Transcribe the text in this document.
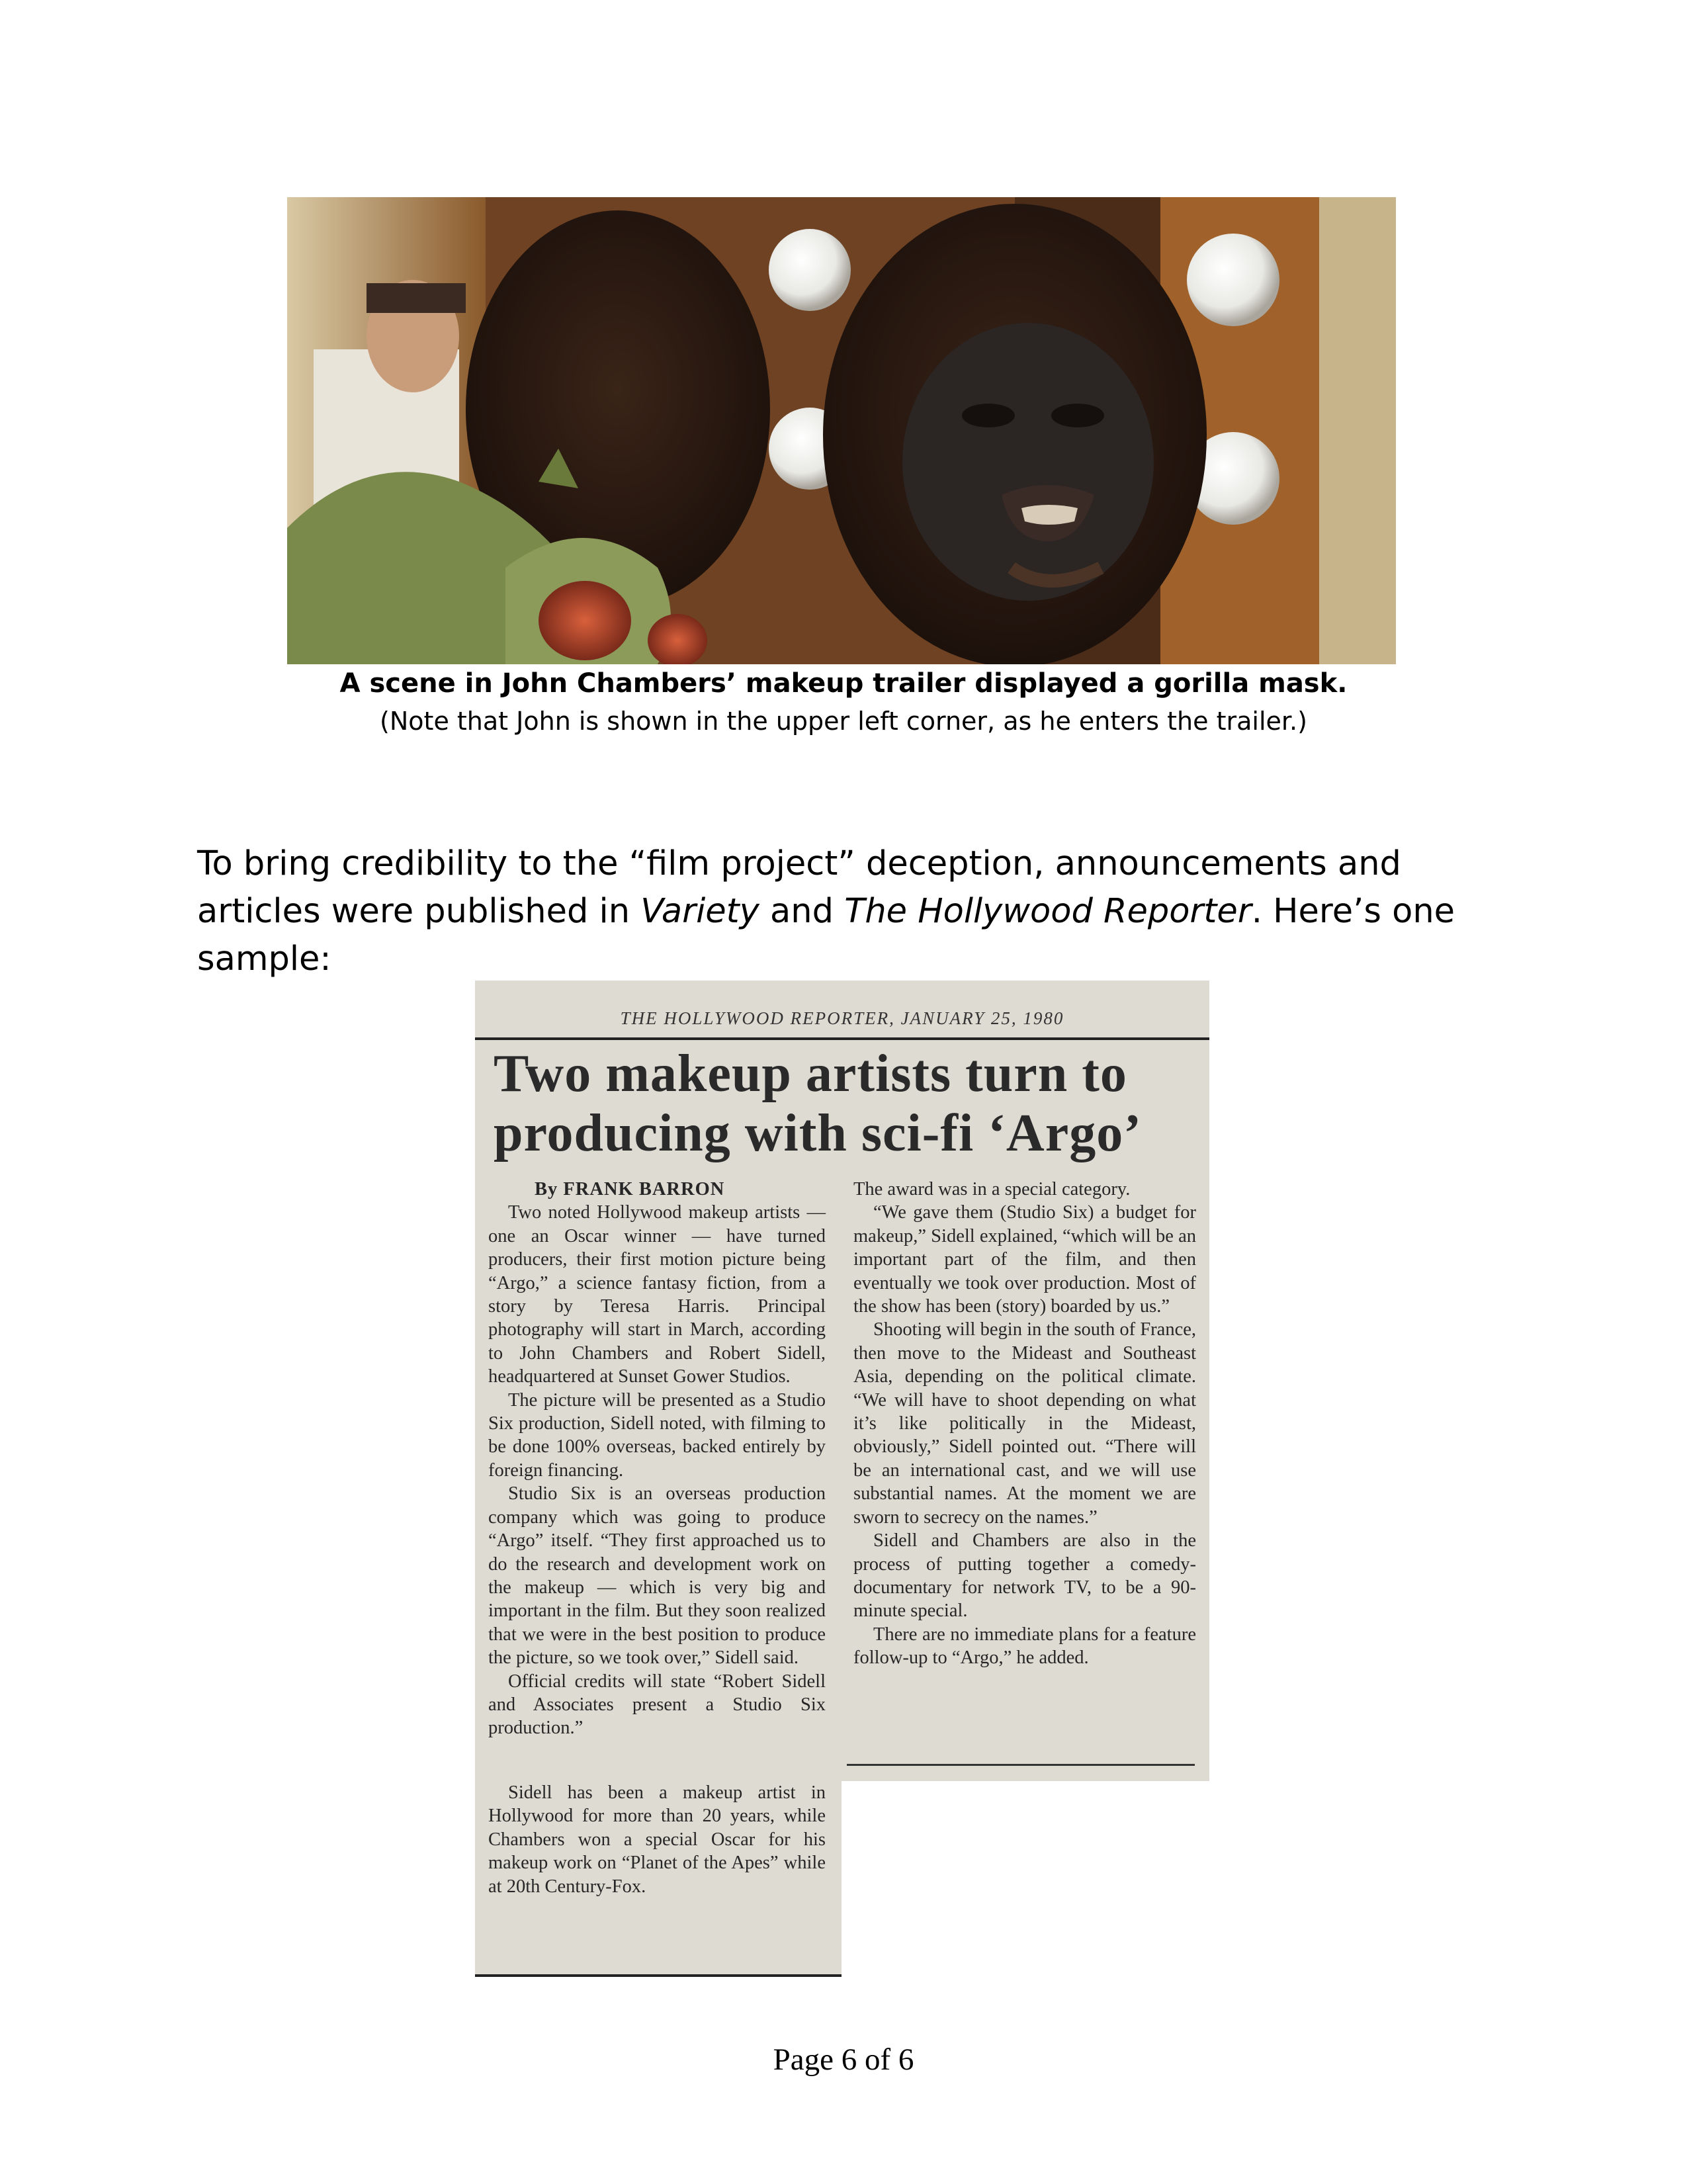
A scene in John Chambers’ makeup trailer displayed a gorilla mask.
(Note that John is shown in the upper left corner, as he enters the trailer.)
To bring credibility to the “film project” deception, announcements and articles were published in Variety and The Hollywood Reporter. Here’s one sample:
THE HOLLYWOOD REPORTER, JANUARY 25, 1980
Two makeup artists turn to producing with sci-fi ‘Argo’

By FRANK BARRON

Two noted Hollywood makeup artists — one an Oscar winner — have turned producers, their first motion picture being “Argo,” a science fantasy fiction, from a story by Teresa Harris. Principal photography will start in March, according to John Chambers and Robert Sidell, headquartered at Sunset Gower Studios.

The picture will be presented as a Studio Six production, Sidell noted, with filming to be done 100% overseas, backed entirely by foreign financing.

Studio Six is an overseas production company which was going to produce “Argo” itself. “They first approached us to do the research and development work on the makeup — which is very big and important in the film. But they soon realized that we were in the best position to produce the picture, so we took over,” Sidell said.

Official credits will state “Robert Sidell and Associates present a Studio Six production.”

The award was in a special category.

“We gave them (Studio Six) a budget for makeup,” Sidell explained, “which will be an important part of the film, and then eventually we took over production. Most of the show has been (story) boarded by us.”

Shooting will begin in the south of France, then move to the Mideast and Southeast Asia, depending on the political climate. “We will have to shoot depending on what it’s like politically in the Mideast, obviously,” Sidell pointed out. “There will be an international cast, and we will use substantial names. At the moment we are sworn to secrecy on the names.”

Sidell and Chambers are also in the process of putting together a comedy-documentary for network TV, to be a 90-minute special.

There are no immediate plans for a feature follow-up to “Argo,” he added.

Sidell has been a makeup artist in Hollywood for more than 20 years, while Chambers won a special Oscar for his makeup work on “Planet of the Apes” while at 20th Century-Fox.

Page 6 of 6
